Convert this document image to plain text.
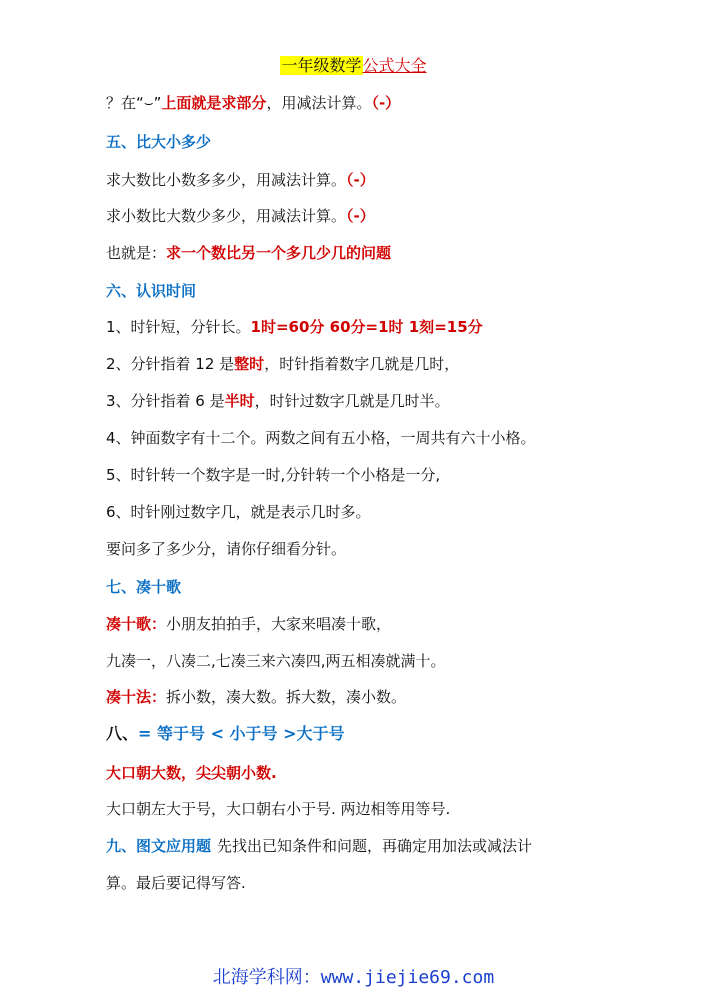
一年级数学公式大全
？在“⌣”上面就是求部分，用减法计算。（-）
五、比大小多少
求大数比小数多多少，用减法计算。（-）
求小数比大数少多少，用减法计算。（-）
也就是：求一个数比另一个多几少几的问题
六、认识时间
1、时针短，分针长。1时=60分 60分=1时 1刻=15分
2、分针指着 12 是整时，时针指着数字几就是几时，
3、分针指着 6 是半时，时针过数字几就是几时半。
4、钟面数字有十二个。两数之间有五小格，一周共有六十小格。
5、时针转一个数字是一时,分针转一个小格是一分,
6、时针刚过数字几，就是表示几时多。
要问多了多少分，请你仔细看分针。
七、凑十歌
凑十歌：小朋友拍拍手，大家来唱凑十歌，
九凑一，八凑二,七凑三来六凑四,两五相凑就满十。
凑十法：拆小数，凑大数。拆大数，凑小数。
八、= 等于号 < 小于号 >大于号
大口朝大数，尖尖朝小数.
大口朝左大于号，大口朝右小于号. 两边相等用等号.
九、图文应用题 先找出已知条件和问题，再确定用加法或减法计
算。最后要记得写答.
北海学科网：www.jiejie69.com
